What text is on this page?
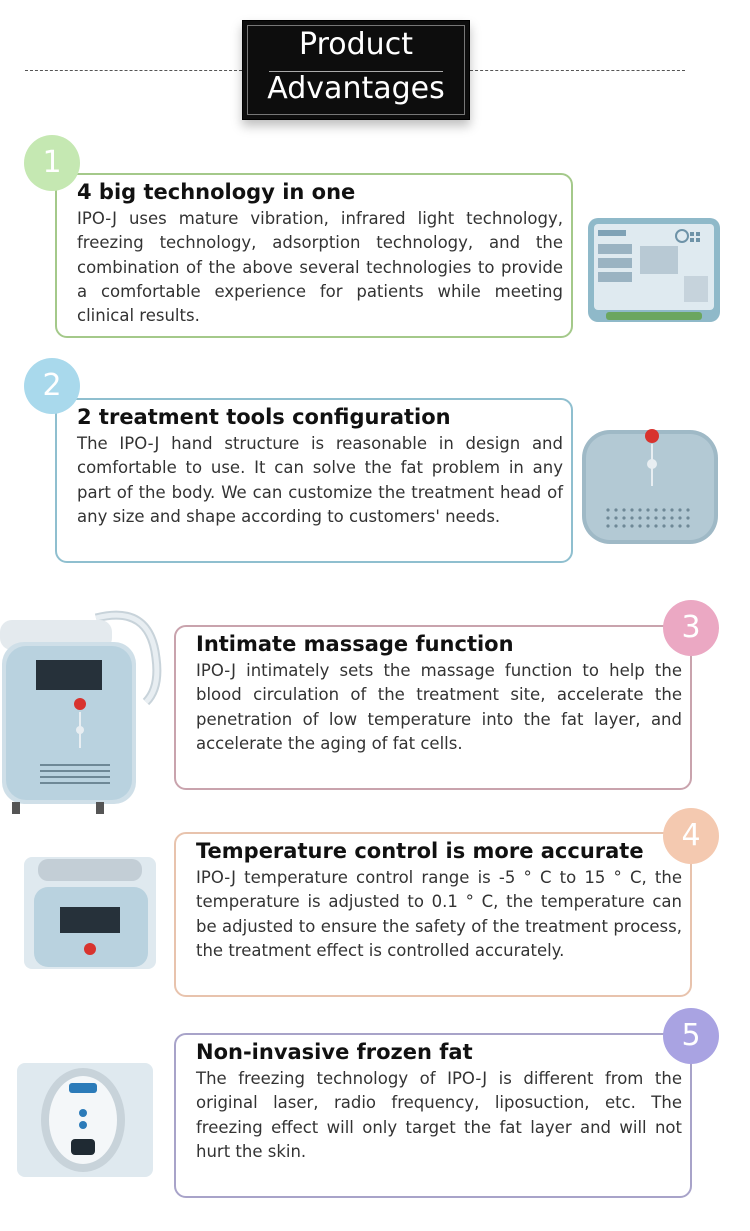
Product
Advantages
4 big technology in one

IPO-J uses mature vibration, infrared light technology, freezing technology, adsorption technology, and the combination of the above several technologies to provide a comfortable experience for patients while meeting clinical results.

1
2 treatment tools configuration

The IPO-J hand structure is reasonable in design and comfortable to use. It can solve the fat problem in any part of the body. We can customize the treatment head of any size and shape according to customers' needs.

2
Intimate massage function

IPO-J intimately sets the massage function to help the blood circulation of the treatment site, accelerate the penetration of low temperature into the fat layer, and accelerate the aging of fat cells.

3
Temperature control is more accurate

IPO-J temperature control range is -5 ° C to 15 ° C, the temperature is adjusted to 0.1 ° C, the temperature can be adjusted to ensure the safety of the treatment process, the treatment effect is controlled accurately.

4
Non-invasive frozen fat

The freezing technology of IPO-J is different from the original laser, radio frequency, liposuction, etc. The freezing effect will only target the fat layer and will not hurt the skin.

5
